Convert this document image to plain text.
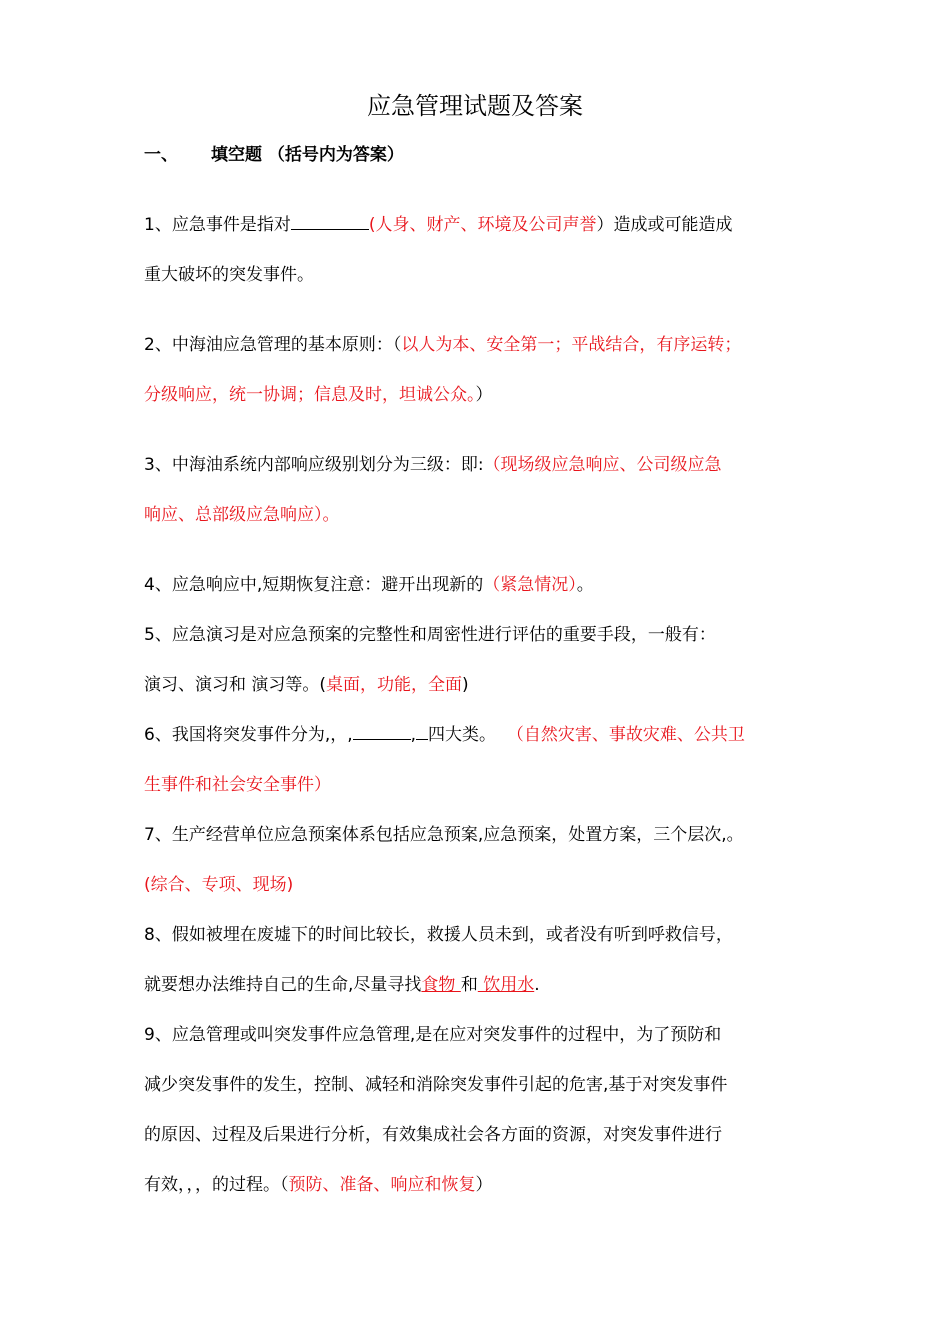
应急管理试题及答案
一、 填空题 （括号内为答案）
1、应急事件是指对	(人身、财产、环境及公司声誉）造成或可能造成
重大破坏的突发事件。
2、中海油应急管理的基本原则：（以人为本、安全第一；平战结合，有序运转；
分级响应，统一协调；信息及时，坦诚公众。）
3、中海油系统内部响应级别划分为三级：即:（现场级应急响应、公司级应急
响应、总部级应急响应）。
4、应急响应中,短期恢复注意：避开出现新的（紧急情况）。
5、应急演习是对应急预案的完整性和周密性进行评估的重要手段，一般有：
演习、演习和 演习等。(桌面，功能，全面)
6、我国将突发事件分为,，,	, 四大类。 （自然灾害、事故灾难、公共卫
生事件和社会安全事件）
7、生产经营单位应急预案体系包括应急预案,应急预案，处置方案，三个层次,。
(综合、专项、现场)
8、假如被埋在废墟下的时间比较长，救援人员未到，或者没有听到呼救信号，
就要想办法维持自己的生命,尽量寻找食物 和 饮用水.
9、应急管理或叫突发事件应急管理,是在应对突发事件的过程中，为了预防和
减少突发事件的发生，控制、减轻和消除突发事件引起的危害,基于对突发事件
的原因、过程及后果进行分析，有效集成社会各方面的资源，对突发事件进行
有效，，，的过程。（预防、准备、响应和恢复）
